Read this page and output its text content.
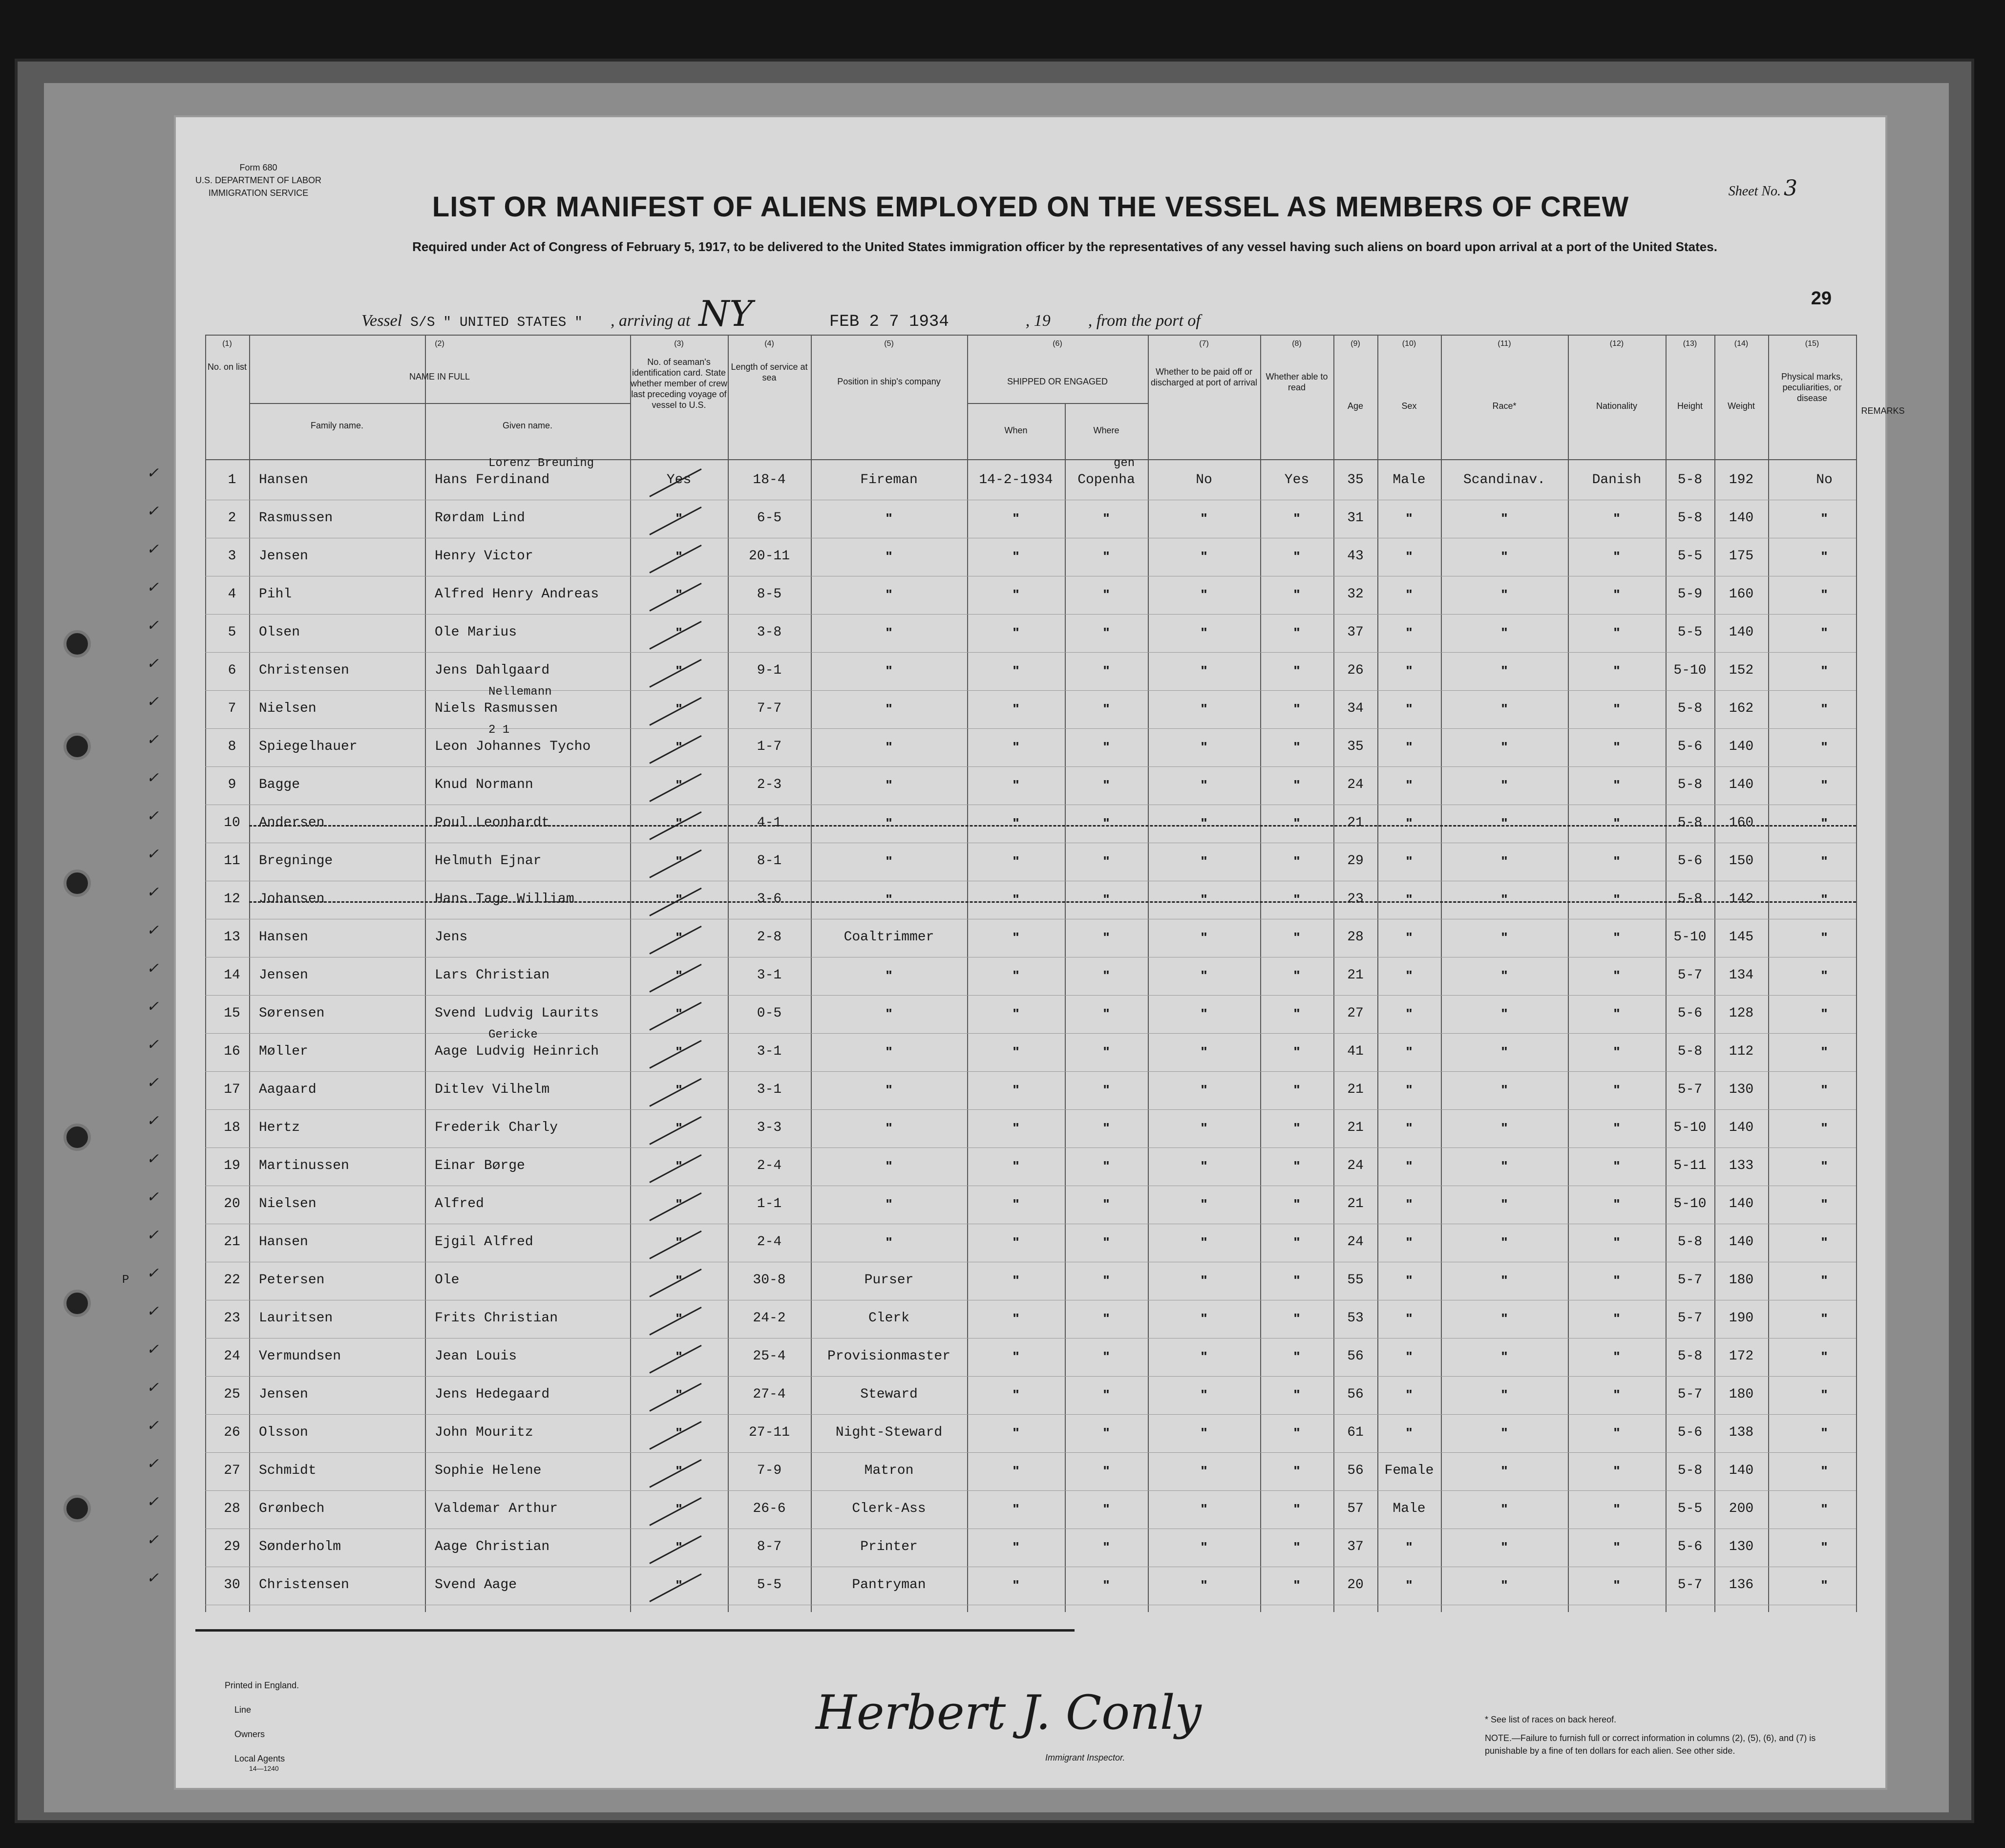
Form 680
U.S. DEPARTMENT OF LABOR
IMMIGRATION SERVICE	Sheet No. 3
LIST OR MANIFEST OF ALIENS EMPLOYED ON THE VESSEL AS MEMBERS OF CREW
Required under Act of Congress of February 5, 1917, to be delivered to the United States immigration officer by the representatives of any vessel having such aliens on board upon arrival at a port of the United States.
29
Vessel S/S " UNITED STATES " , arriving at NY	FEB 2 7 1934	, 19 , from the port of
(1)	(2)	(3)	(4)	(5)	(6)	(7)	(8)	(9)	(10)	(11)	(12)	(13)	(14)	(15)
No. on list
NAME IN FULL
Family name.	Given name.
No. of seaman's identification card. State whether member of crew last preceding voyage of vessel to U.S.
Length of service at sea	Position in ship's company	SHIPPED OR ENGAGED
When	Where
Whether to be paid off or discharged at port of arrival
Whether able to read
Age	Sex	Race*	Nationality	Height	Weight
Physical marks, peculiarities, or disease
REMARKS
✓	1	Hansen	Hans Ferdinand	Yes	18-4	Fireman	14-2-1934	Copenha	No	Yes	35	Male	Scandinav.	Danish	5-8	192	No
Lorenz Breuning	gen
✓	2	Rasmussen	Rørdam Lind	"	6-5	"	"	"	"	"	31	"	"	"	5-8	140	"
✓	3	Jensen	Henry Victor	"	20-11	"	"	"	"	"	43	"	"	"	5-5	175	"
✓	4	Pihl	Alfred Henry Andreas	"	8-5	"	"	"	"	"	32	"	"	"	5-9	160	"
✓	5	Olsen	Ole Marius	"	3-8	"	"	"	"	"	37	"	"	"	5-5	140	"
✓	6	Christensen	Jens Dahlgaard	"	9-1	"	"	"	"	"	26	"	"	"	5-10	152	"
✓	7	Nielsen	Niels Rasmussen	"	7-7	"	"	"	"	"	34	"	"	"	5-8	162	"
Nellemann
✓	8	Spiegelhauer	Leon Johannes Tycho	"	1-7	"	"	"	"	"	35	"	"	"	5-6	140	"
2 1
✓	9	Bagge	Knud Normann	"	2-3	"	"	"	"	"	24	"	"	"	5-8	140	"
✓	10	Andersen	Poul Leonhardt	"	4-1	"	"	"	"	"	21	"	"	"	5-8	160	"
✓	11	Bregninge	Helmuth Ejnar	"	8-1	"	"	"	"	"	29	"	"	"	5-6	150	"
✓	12	Johansen	Hans Tage William	"	3-6	"	"	"	"	"	23	"	"	"	5-8	142	"
✓	13	Hansen	Jens	"	2-8	Coaltrimmer	"	"	"	"	28	"	"	"	5-10	145	"
✓	14	Jensen	Lars Christian	"	3-1	"	"	"	"	"	21	"	"	"	5-7	134	"
✓	15	Sørensen	Svend Ludvig Laurits	"	0-5	"	"	"	"	"	27	"	"	"	5-6	128	"
✓	16	Møller	Aage Ludvig Heinrich	"	3-1	"	"	"	"	"	41	"	"	"	5-8	112	"
Gericke
✓	17	Aagaard	Ditlev Vilhelm	"	3-1	"	"	"	"	"	21	"	"	"	5-7	130	"
✓	18	Hertz	Frederik Charly	"	3-3	"	"	"	"	"	21	"	"	"	5-10	140	"
✓	19	Martinussen	Einar Børge	"	2-4	"	"	"	"	"	24	"	"	"	5-11	133	"
✓	20	Nielsen	Alfred	"	1-1	"	"	"	"	"	21	"	"	"	5-10	140	"
✓	21	Hansen	Ejgil Alfred	"	2-4	"	"	"	"	"	24	"	"	"	5-8	140	"
✓
P	22	Petersen	Ole	"	30-8	Purser	"	"	"	"	55	"	"	"	5-7	180	"
✓	23	Lauritsen	Frits Christian	"	24-2	Clerk	"	"	"	"	53	"	"	"	5-7	190	"
✓	24	Vermundsen	Jean Louis	"	25-4	Provisionmaster	"	"	"	"	56	"	"	"	5-8	172	"
✓	25	Jensen	Jens Hedegaard	"	27-4	Steward	"	"	"	"	56	"	"	"	5-7	180	"
✓	26	Olsson	John Mouritz	"	27-11	Night-Steward	"	"	"	"	61	"	"	"	5-6	138	"
✓	27	Schmidt	Sophie Helene	"	7-9	Matron	"	"	"	"	56	Female	"	"	5-8	140	"
✓	28	Grønbech	Valdemar Arthur	"	26-6	Clerk-Ass	"	"	"	"	57	Male	"	"	5-5	200	"
✓	29	Sønderholm	Aage Christian	"	8-7	Printer	"	"	"	"	37	"	"	"	5-6	130	"
✓	30	Christensen	Svend Aage	"	5-5	Pantryman	"	"	"	"	20	"	"	"	5-7	136	"
Printed in England.
Line
Owners
Local Agents
14—1240
Herbert J. Conly
Immigrant Inspector.
* See list of races on back hereof.
NOTE.—Failure to furnish full or correct information in columns (2), (5), (6), and (7) is punishable by a fine of ten dollars for each alien. See other side.
